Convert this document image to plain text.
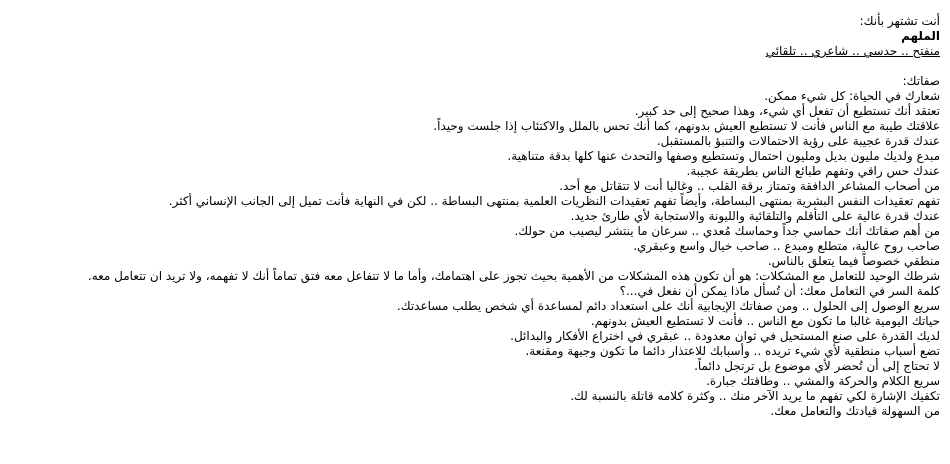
أنت تشتهر بأنك:
الملهم
منفتح .. حدسي .. شاعري .. تلقائي
صفاتك:
شعارك في الحياة: كل شيء ممكن.
تعتقد أنك تستطيع أن تفعل أي شيء، وهذا صحيح إلى حد كبير.
علاقتك طيبة مع الناس فأنت لا تستطيع العيش بدونهم، كما أنك تحس بالملل والاكتئاب إذا جلست وحيداً.
عندك قدرة عجيبة على رؤية الاحتمالات والتنبؤ بالمستقبل.
مبدع ولديك مليون بديل ومليون احتمال وتستطيع وصفها والتحدث عنها كلها بدقة متناهية.
عندك حس راقي وتفهم طبائع الناس بطريقة عجيبة.
من أصحاب المشاعر الدافقة وتمتاز برقة القلب .. وغالبا أنت لا تتقاتل مع أحد.
تفهم تعقيدات النفس البشرية بمنتهى البساطة، وأيضاً تفهم تعقيدات النظريات العلمية بمنتهى البساطة .. لكن في النهاية فأنت تميل إلى الجانب الإنساني أكثر.
عندك قدرة عالية على التأقلم والتلقائية والليونة والاستجابة لأي طارئ جديد.
من أهم صفاتك أنك حماسي جداً وحماسك مُعدي .. سرعان ما ينتشر ليصيب من حولك.
صاحب روح عالية، متطلع ومبدع .. صاحب خيال واسع وعبقري.
منطقي خصوصاً فيما يتعلق بالناس.
شرطك الوحيد للتعامل مع المشكلات: هو أن تكون هذه المشكلات من الأهمية بحيث تجوز على اهتمامك، وأما ما لا تتفاعل معه فتق تماماً أنك لا تفهمه، ولا تريد ان تتعامل معه.
كلمة السر في التعامل معك: أن تُسأل ماذا يمكن أن نفعل في...؟
سريع الوصول إلى الحلول .. ومن صفاتك الإيجابية أنك على استعداد دائم لمساعدة أي شخص يطلب مساعدتك.
حياتك اليومية غالبا ما تكون مع الناس .. فأنت لا تستطيع العيش بدونهم.
لديك القدرة على صنع المستحيل في ثوان معدودة .. عبقري في اختراع الأفكار والبدائل.
تضع أسباب منطقية لأي شيء تريده .. وأسبابك للاعتذار دائما ما تكون وجيهة ومقنعة.
لا تحتاج إلى أن تُحضر لأي موضوع بل ترتجل دائماً.
سريع الكلام والحركة والمشي .. وطاقتك جبارة.
تكفيك الإشارة لكي تفهم ما يريد الآخر منك .. وكثرة كلامه قاتلة بالنسبة لك.
من السهولة قيادتك والتعامل معك.
